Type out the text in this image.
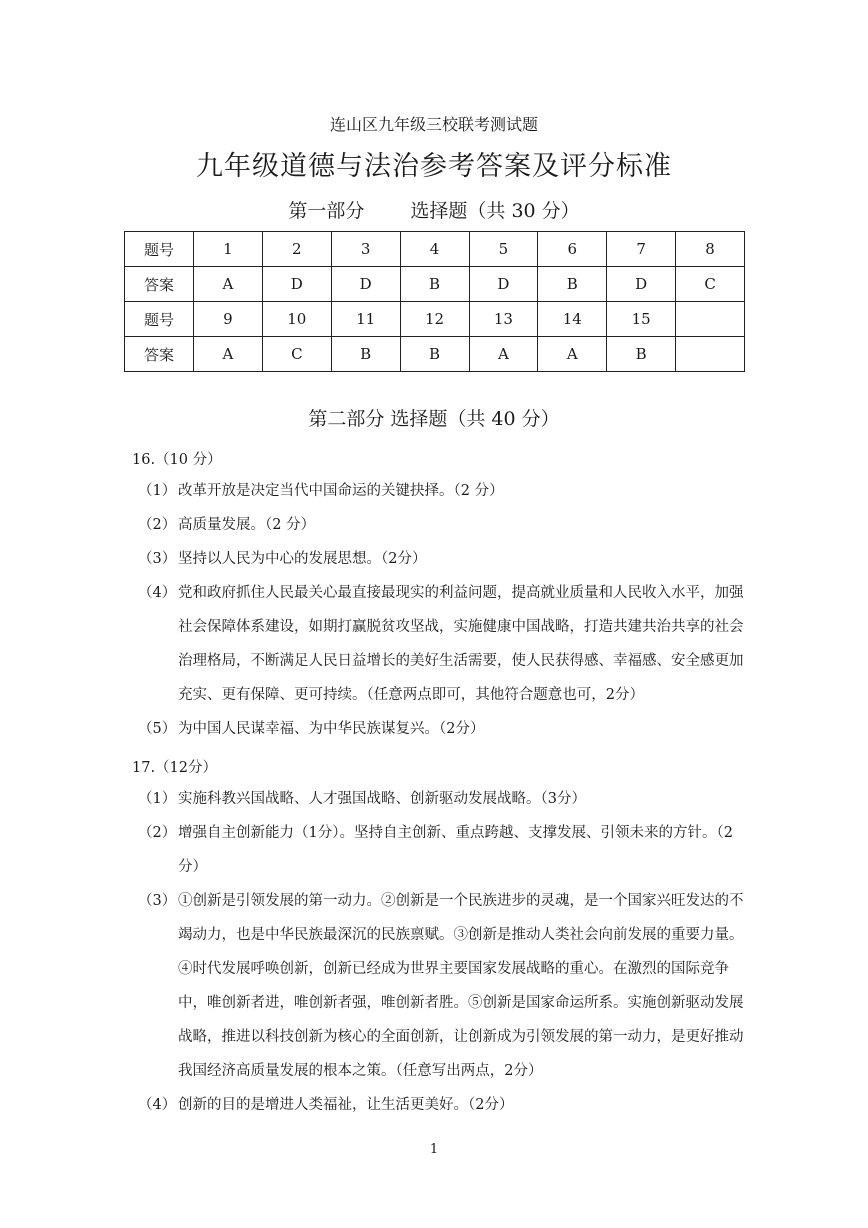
连山区九年级三校联考测试题
九年级道德与法治参考答案及评分标准
第一部分 选择题（共 30 分）
题号	1	2	3	4	5	6	7	8
答案	A	D	D	B	D	B	D	C
题号	9	10	11	12	13	14	15	
答案	A	C	B	B	A	A	B	
第二部分 选择题（共 40 分）
16.（10 分）
（1） 改革开放是决定当代中国命运的关键抉择。（2 分）
（2） 高质量发展。（2 分）
（3） 坚持以人民为中心的发展思想。（2分）
（4） 党和政府抓住人民最关心最直接最现实的利益问题，提高就业质量和人民收入水平，加强社会保障体系建设，如期打赢脱贫攻坚战，实施健康中国战略，打造共建共治共享的社会治理格局，不断满足人民日益增长的美好生活需要，使人民获得感、幸福感、安全感更加充实、更有保障、更可持续。（任意两点即可，其他符合题意也可，2分）
（5） 为中国人民谋幸福、为中华民族谋复兴。（2分）
17.（12分）
（1） 实施科教兴国战略、人才强国战略、创新驱动发展战略。（3分）
（2） 增强自主创新能力（1分）。坚持自主创新、重点跨越、支撑发展、引领未来的方针。（2分）
（3） ①创新是引领发展的第一动力。②创新是一个民族进步的灵魂，是一个国家兴旺发达的不竭动力，也是中华民族最深沉的民族禀赋。③创新是推动人类社会向前发展的重要力量。④时代发展呼唤创新，创新已经成为世界主要国家发展战略的重心。在激烈的国际竞争中，唯创新者进，唯创新者强，唯创新者胜。⑤创新是国家命运所系。实施创新驱动发展战略，推进以科技创新为核心的全面创新，让创新成为引领发展的第一动力，是更好推动我国经济高质量发展的根本之策。（任意写出两点，2分）
（4） 创新的目的是增进人类福祉，让生活更美好。（2分）
1
